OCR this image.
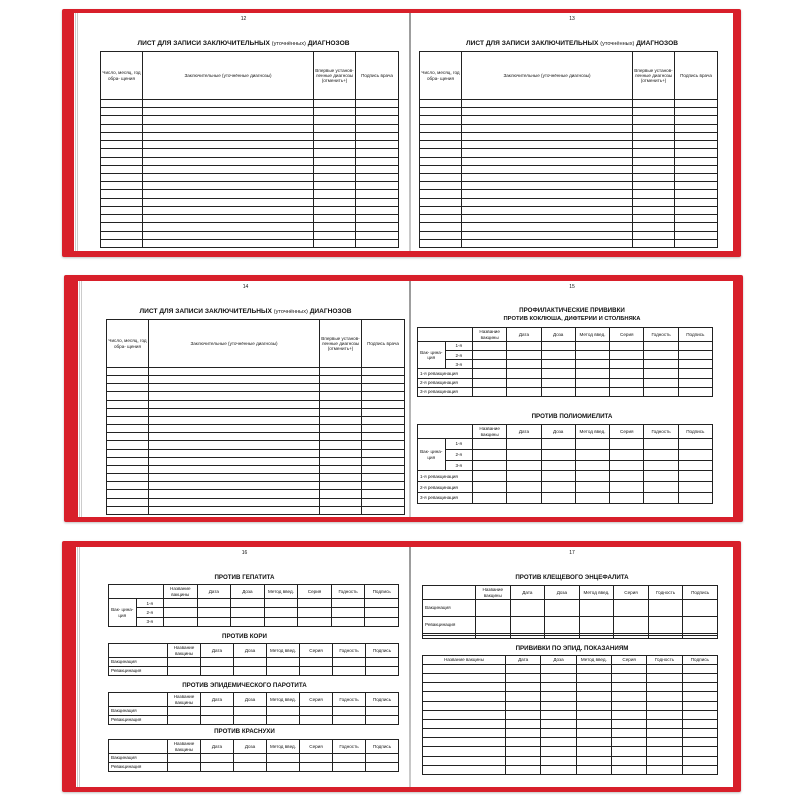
12
ЛИСТ ДЛЯ ЗАПИСИ ЗАКЛЮЧИТЕЛЬНЫХ (уточнённых) ДИАГНОЗОВ
Число, месяц, год обра- щения	Заключительные (уточнённые диагнозы)	Впервые установ- ленные диагнозы (отменить+)	Подпись врача

13
ЛИСТ ДЛЯ ЗАПИСИ ЗАКЛЮЧИТЕЛЬНЫХ (уточнённых) ДИАГНОЗОВ
Число, месяц, год обра- щения	Заключительные (уточнённые диагнозы)	Впервые установ- ленные диагнозы (отменить+)	Подпись врача

14
ЛИСТ ДЛЯ ЗАПИСИ ЗАКЛЮЧИТЕЛЬНЫХ (уточнённых) ДИАГНОЗОВ
Число, месяц, год обра- щения	Заключительные (уточнённые диагнозы)	Впервые установ- ленные диагнозы (отменить+)	Подпись врача

15
ПРОФИЛАКТИЧЕСКИЕ ПРИВИВКИ
ПРОТИВ КОКЛЮША, ДИФТЕРИИ И СТОЛБНЯКА
		Название вакцины	Дата	Доза	Метод введ.	Серия	Годность	Подпись
Вак- цина- ция	1-я							
	2-я							
	3-я							
1-я ревакцинация								
2-я ревакцинация								
3-я ревакцинация								
ПРОТИВ ПОЛИОМИЕЛИТА
		Название вакцины	Дата	Доза	Метод введ.	Серия	Годность	Подпись
Вак- цина- ция	1-я							
	2-я							
	3-я							
1-я ревакцинация								
2-я ревакцинация								
3-я ревакцинация								
16
ПРОТИВ ГЕПАТИТА
		Название вакцины	Дата	Доза	Метод введ.	Серия	Годность	Подпись
Вак- цина- ция	1-я							
	2-я							
	3-я							
ПРОТИВ КОРИ
	Название вакцины	Дата	Доза	Метод введ.	Серия	Годность	Подпись
Вакцинация							
Ревакцинация							
ПРОТИВ ЭПИДЕМИЧЕСКОГО ПАРОТИТА
	Название вакцины	Дата	Доза	Метод введ.	Серия	Годность	Подпись
Вакцинация							
Ревакцинация							
ПРОТИВ КРАСНУХИ
	Название вакцины	Дата	Доза	Метод введ.	Серия	Годность	Подпись
Вакцинация							
Ревакцинация							
17
ПРОТИВ КЛЕЩЕВОГО ЭНЦЕФАЛИТА
	Название вакцины	Дата	Доза	Метод введ.	Серия	Годность	Подпись
Вакцинация							
Ревакцинация							

ПРИВИВКИ ПО ЭПИД. ПОКАЗАНИЯМ
Название вакцины	Дата	Доза	Метод введ.	Серия	Годность	Подпись
